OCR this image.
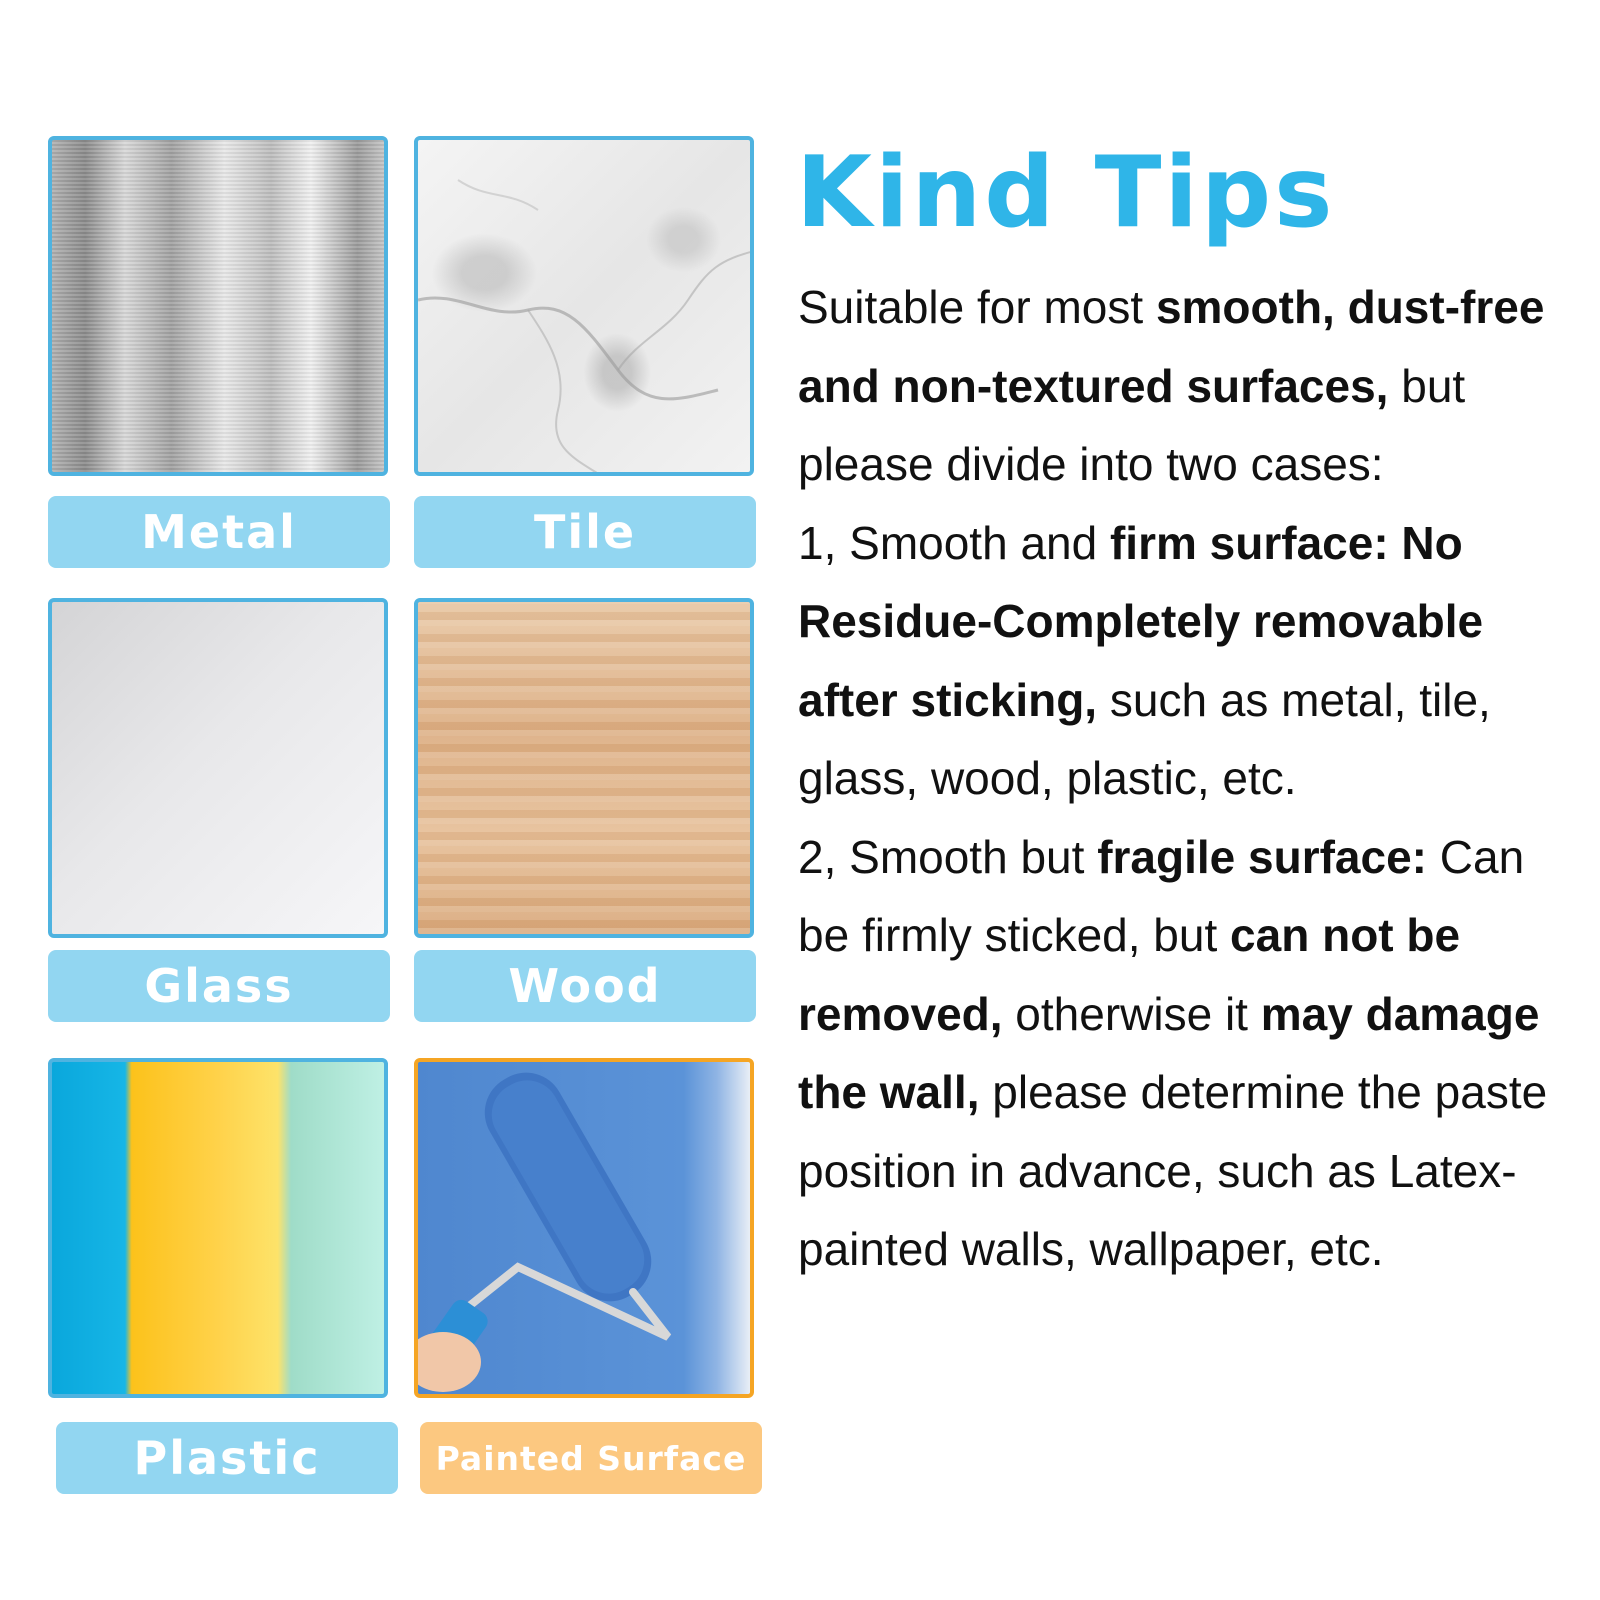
Metal	Tile
Glass	Wood
Plastic	Painted Surface
Kind Tips

Suitable for most smooth, dust-free and non-textured surfaces, but please divide into two cases:
1, Smooth and firm surface: No Residue-Completely removable after sticking, such as metal, tile, glass, wood, plastic, etc.
2, Smooth but fragile surface: Can be firmly sticked, but can not be removed, otherwise it may damage the wall, please determine the paste position in advance, such as Latex-painted walls, wallpaper, etc.
